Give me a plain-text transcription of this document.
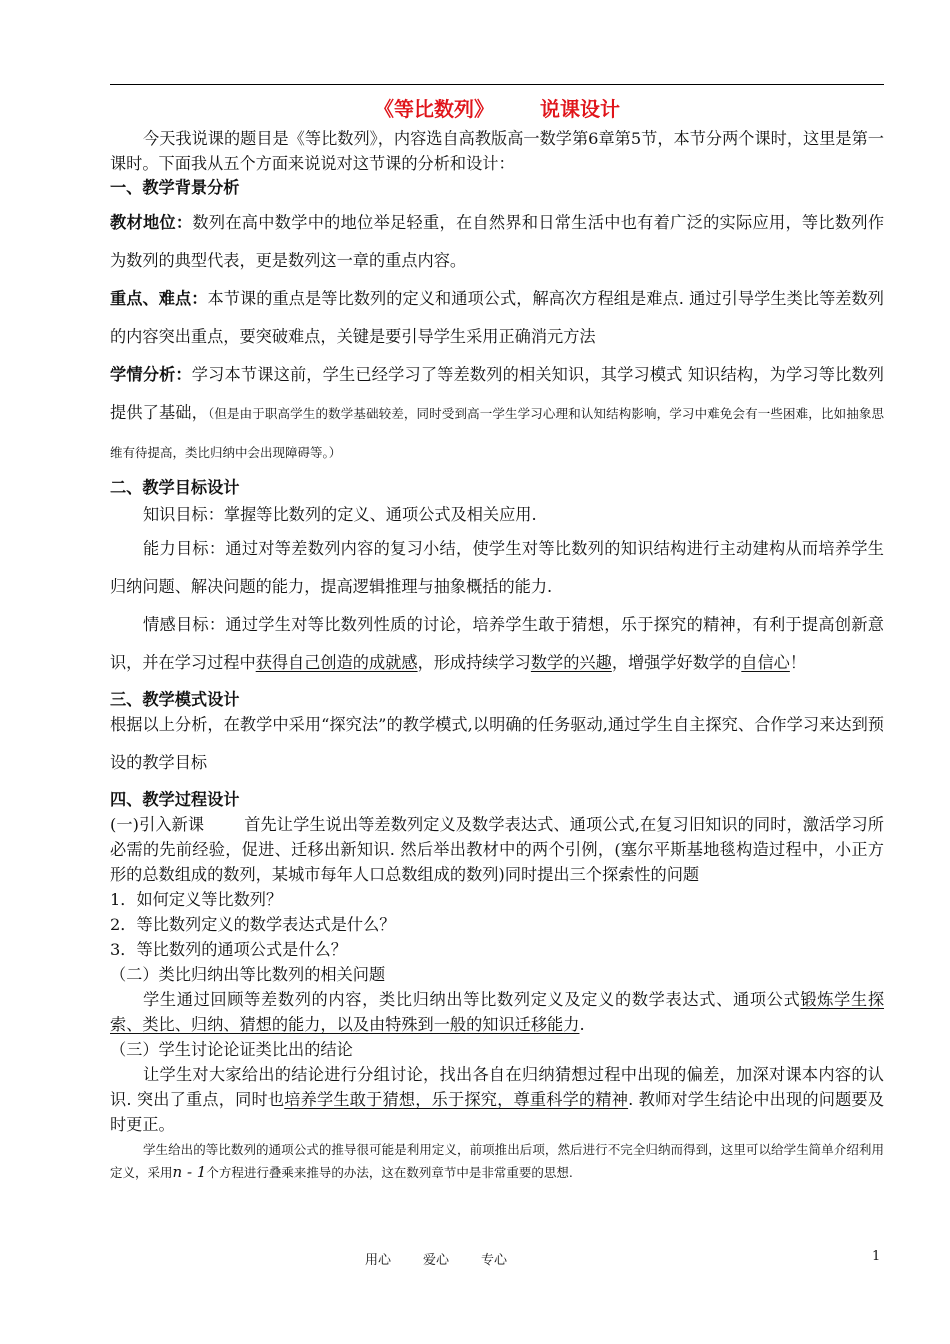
《等比数列》 说课设计

今天我说课的题目是《等比数列》，内容选自高教版高一数学第6章第5节，本节分两个课时，这里是第一课时。下面我从五个方面来说说对这节课的分析和设计：

一、教学背景分析

教材地位：数列在高中数学中的地位举足轻重，在自然界和日常生活中也有着广泛的实际应用，等比数列作为数列的典型代表，更是数列这一章的重点内容。

重点、难点：本节课的重点是等比数列的定义和通项公式，解高次方程组是难点. 通过引导学生类比等差数列的内容突出重点，要突破难点，关键是要引导学生采用正确消元方法

学情分析：学习本节课这前，学生已经学习了等差数列的相关知识，其学习模式 知识结构，为学习等比数列提供了基础，（但是由于职高学生的数学基础较差，同时受到高一学生学习心理和认知结构影响，学习中难免会有一些困难，比如抽象思维有待提高，类比归纳中会出现障碍等。）

二、教学目标设计

知识目标：掌握等比数列的定义、通项公式及相关应用.

能力目标：通过对等差数列内容的复习小结，使学生对等比数列的知识结构进行主动建构从而培养学生归纳问题、解决问题的能力，提高逻辑推理与抽象概括的能力.

情感目标：通过学生对等比数列性质的讨论，培养学生敢于猜想，乐于探究的精神，有利于提高创新意识，并在学习过程中获得自己创造的成就感，形成持续学习数学的兴趣，增强学好数学的自信心！

三、教学模式设计

根据以上分析，在教学中采用“探究法”的教学模式,以明确的任务驱动,通过学生自主探究、合作学习来达到预设的教学目标

四、教学过程设计

(一)引入新课 首先让学生说出等差数列定义及数学表达式、通项公式,在复习旧知识的同时，激活学习所必需的先前经验，促进、迁移出新知识. 然后举出教材中的两个引例，(塞尔平斯基地毯构造过程中，小正方形的总数组成的数列，某城市每年人口总数组成的数列)同时提出三个探索性的问题

1．如何定义等比数列？

2．等比数列定义的数学表达式是什么？

3．等比数列的通项公式是什么？

（二）类比归纳出等比数列的相关问题

学生通过回顾等差数列的内容，类比归纳出等比数列定义及定义的数学表达式、通项公式锻炼学生探索、类比、归纳、猜想的能力，以及由特殊到一般的知识迁移能力.

（三）学生讨论论证类比出的结论

让学生对大家给出的结论进行分组讨论，找出各自在归纳猜想过程中出现的偏差，加深对课本内容的认识. 突出了重点，同时也培养学生敢于猜想，乐于探究，尊重科学的精神. 教师对学生结论中出现的问题要及时更正。

学生给出的等比数列的通项公式的推导很可能是利用定义，前项推出后项，然后进行不完全归纳而得到，这里可以给学生简单介绍利用定义，采用n - 1个方程进行叠乘来推导的办法，这在数列章节中是非常重要的思想.

用心 爱心 专心	1
